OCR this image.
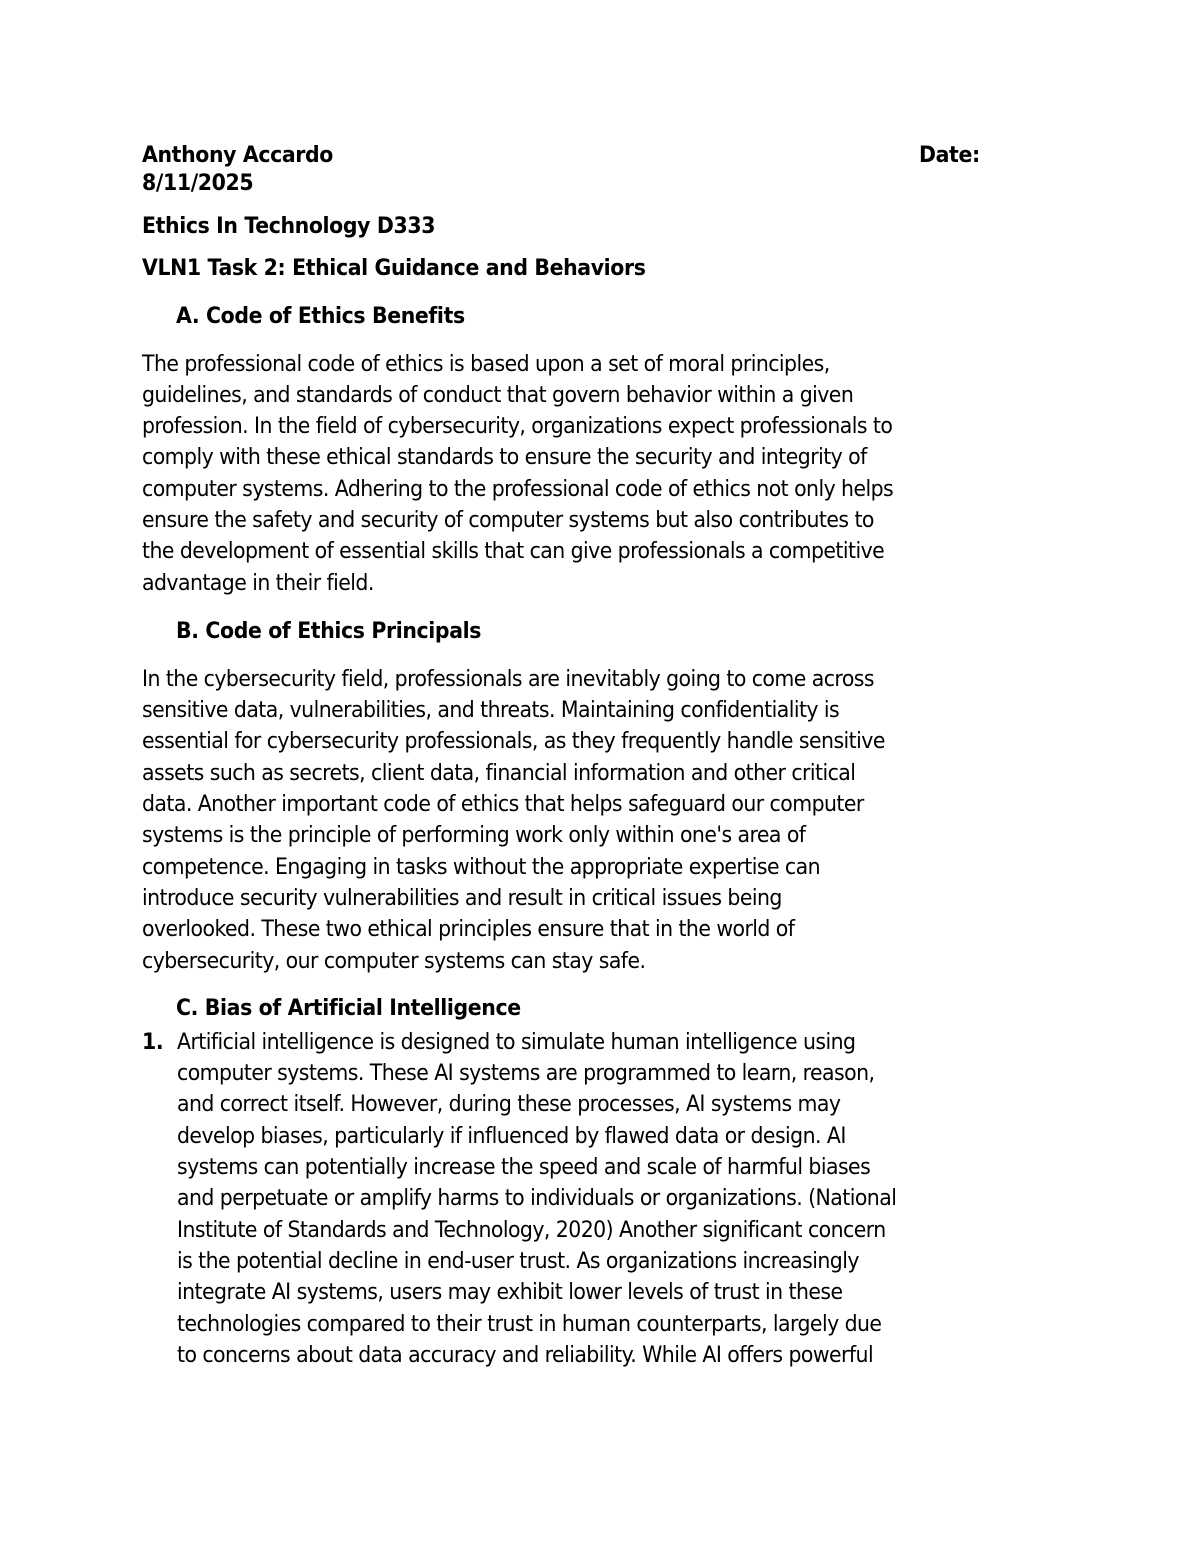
Anthony Accardo	Date:
8/11/2025
Ethics In Technology D333
VLN1 Task 2: Ethical Guidance and Behaviors
A. Code of Ethics Benefits
The professional code of ethics is based upon a set of moral principles,
guidelines, and standards of conduct that govern behavior within a given
profession. In the field of cybersecurity, organizations expect professionals to
comply with these ethical standards to ensure the security and integrity of
computer systems. Adhering to the professional code of ethics not only helps
ensure the safety and security of computer systems but also contributes to
the development of essential skills that can give professionals a competitive
advantage in their field.
B. Code of Ethics Principals
In the cybersecurity field, professionals are inevitably going to come across
sensitive data, vulnerabilities, and threats. Maintaining confidentiality is
essential for cybersecurity professionals, as they frequently handle sensitive
assets such as secrets, client data, financial information and other critical
data. Another important code of ethics that helps safeguard our computer
systems is the principle of performing work only within one's area of
competence. Engaging in tasks without the appropriate expertise can
introduce security vulnerabilities and result in critical issues being
overlooked. These two ethical principles ensure that in the world of
cybersecurity, our computer systems can stay safe.
C. Bias of Artificial Intelligence
1. Artificial intelligence is designed to simulate human intelligence using
computer systems. These AI systems are programmed to learn, reason,
and correct itself. However, during these processes, AI systems may
develop biases, particularly if influenced by flawed data or design. AI
systems can potentially increase the speed and scale of harmful biases
and perpetuate or amplify harms to individuals or organizations. (National
Institute of Standards and Technology, 2020) Another significant concern
is the potential decline in end-user trust. As organizations increasingly
integrate AI systems, users may exhibit lower levels of trust in these
technologies compared to their trust in human counterparts, largely due
to concerns about data accuracy and reliability. While AI offers powerful
